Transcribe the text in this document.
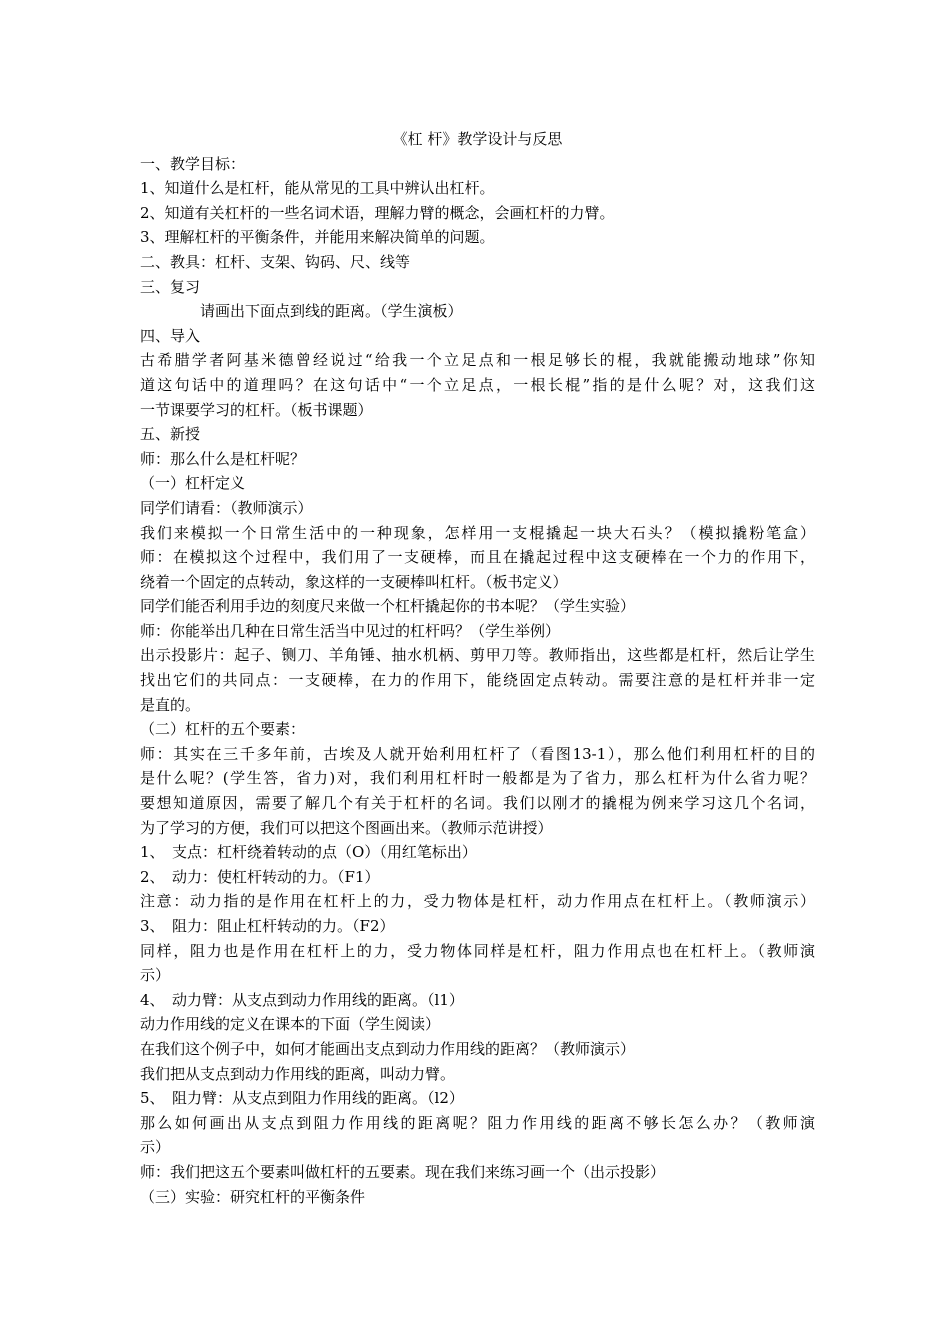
《杠 杆》教学设计与反思
一、教学目标：
1、知道什么是杠杆，能从常见的工具中辨认出杠杆。
2、知道有关杠杆的一些名词术语，理解力臂的概念，会画杠杆的力臂。
3、理解杠杆的平衡条件，并能用来解决简单的问题。
二、教具：杠杆、支架、钩码、尺、线等
三、复习
请画出下面点到线的距离。（学生演板）
四、导入
古希腊学者阿基米德曾经说过“给我一个立足点和一根足够长的棍，我就能搬动地球”你知
道这句话中的道理吗？在这句话中“一个立足点，一根长棍”指的是什么呢？对，这我们这
一节课要学习的杠杆。（板书课题）
五、新授
师：那么什么是杠杆呢？
（一）杠杆定义
同学们请看：（教师演示）
我们来模拟一个日常生活中的一种现象，怎样用一支棍撬起一块大石头？（模拟撬粉笔盒）
师：在模拟这个过程中，我们用了一支硬棒，而且在撬起过程中这支硬棒在一个力的作用下，
绕着一个固定的点转动，象这样的一支硬棒叫杠杆。（板书定义）
同学们能否利用手边的刻度尺来做一个杠杆撬起你的书本呢？（学生实验）
师：你能举出几种在日常生活当中见过的杠杆吗？（学生举例）
出示投影片：起子、铡刀、羊角锤、抽水机柄、剪甲刀等。教师指出，这些都是杠杆，然后让学生
找出它们的共同点：一支硬棒，在力的作用下，能绕固定点转动。需要注意的是杠杆并非一定
是直的。
（二）杠杆的五个要素：
师：其实在三千多年前，古埃及人就开始利用杠杆了（看图13-1），那么他们利用杠杆的目的
是什么呢？(学生答，省力)对，我们利用杠杆时一般都是为了省力，那么杠杆为什么省力呢？
要想知道原因，需要了解几个有关于杠杆的名词。我们以刚才的撬棍为例来学习这几个名词，
为了学习的方便，我们可以把这个图画出来。（教师示范讲授）
1、　支点：杠杆绕着转动的点（O）（用红笔标出）
2、　动力：使杠杆转动的力。（F1）
注意：动力指的是作用在杠杆上的力，受力物体是杠杆，动力作用点在杠杆上。（教师演示）
3、　阻力：阻止杠杆转动的力。（F2）
同样，阻力也是作用在杠杆上的力，受力物体同样是杠杆，阻力作用点也在杠杆上。（教师演
示）
4、　动力臂：从支点到动力作用线的距离。（l1）
动力作用线的定义在课本的下面（学生阅读）
在我们这个例子中，如何才能画出支点到动力作用线的距离？（教师演示）
我们把从支点到动力作用线的距离，叫动力臂。
5、　阻力臂：从支点到阻力作用线的距离。（l2）
那么如何画出从支点到阻力作用线的距离呢？阻力作用线的距离不够长怎么办？（教师演
示）
师：我们把这五个要素叫做杠杆的五要素。现在我们来练习画一个（出示投影）
（三）实验：研究杠杆的平衡条件
